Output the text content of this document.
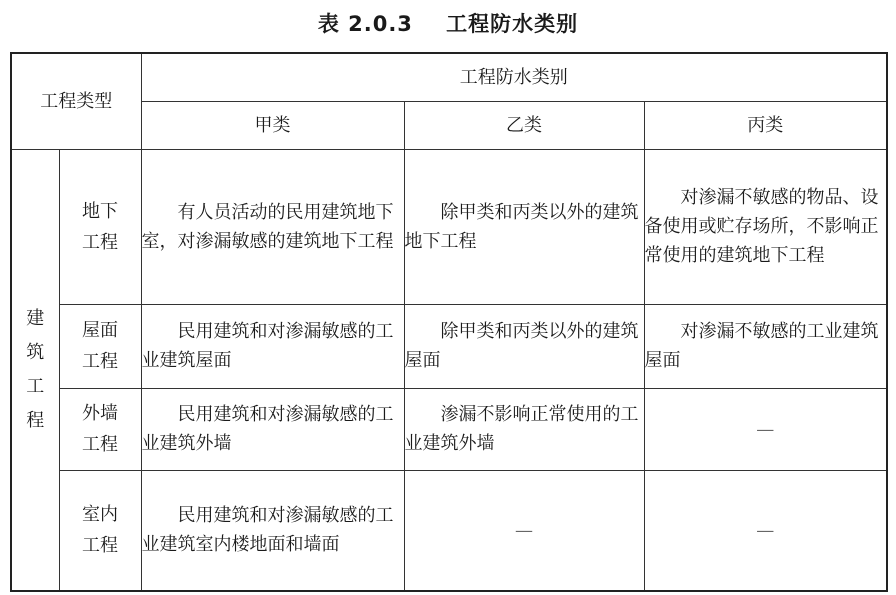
表 2.0.3    工程防水类别
工程类型		工程防水类别		
		甲类	乙类	丙类
建筑工程	地下工程	有人员活动的民用建筑地下室，对渗漏敏感的建筑地下工程	除甲类和丙类以外的建筑地下工程	对渗漏不敏感的物品、设备使用或贮存场所，不影响正常使用的建筑地下工程

	屋面工程	民用建筑和对渗漏敏感的工业建筑屋面	除甲类和丙类以外的建筑屋面	对渗漏不敏感的工业建筑屋面

	外墙工程	民用建筑和对渗漏敏感的工业建筑外墙	渗漏不影响正常使用的工业建筑外墙	—
	室内工程	民用建筑和对渗漏敏感的工业建筑室内楼地面和墙面	—	—
